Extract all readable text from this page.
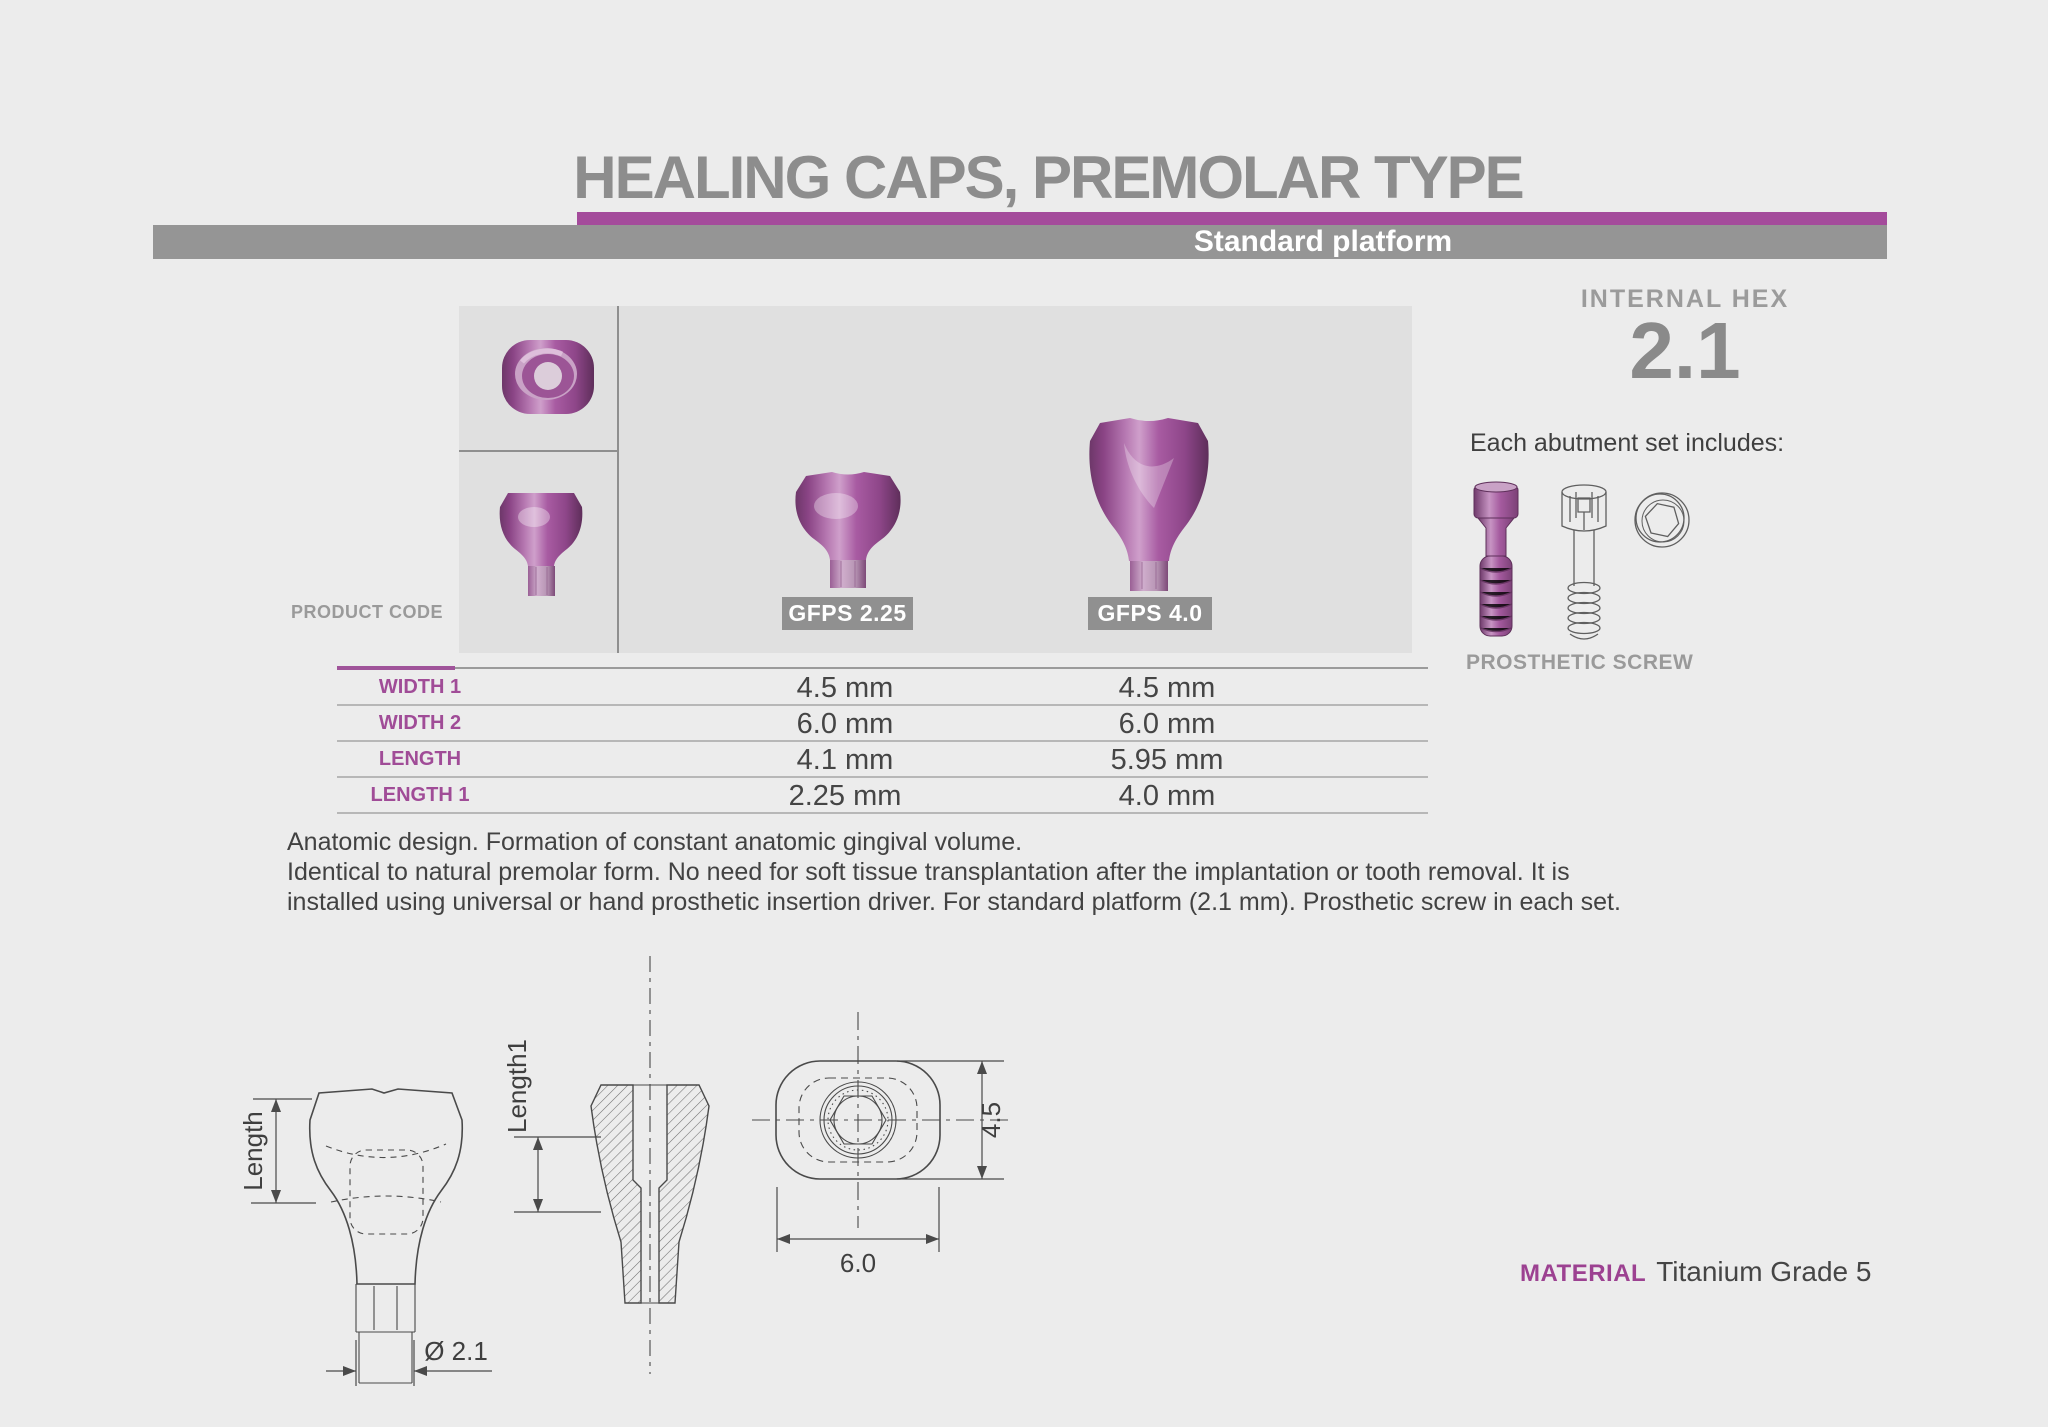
HEALING CAPS, PREMOLAR TYPE
Standard platform
INTERNAL HEX
2.1
Each abutment set includes:
PROSTHETIC SCREW
PRODUCT CODE	GFPS 2.25	GFPS 4.0
WIDTH 1	4.5 mm	4.5 mm
WIDTH 2	6.0 mm	6.0 mm
LENGTH	4.1 mm	5.95 mm
LENGTH 1	2.25 mm	4.0 mm
Anatomic design. Formation of constant anatomic gingival volume.
Identical to natural premolar form. No need for soft tissue transplantation after the implantation or tooth removal. It is
installed using universal or hand prosthetic insertion driver. For standard platform (2.1 mm). Prosthetic screw in each set.
Length
Ø 2.1
Length1	4.5
6.0	MATERIAL Titanium Grade 5
